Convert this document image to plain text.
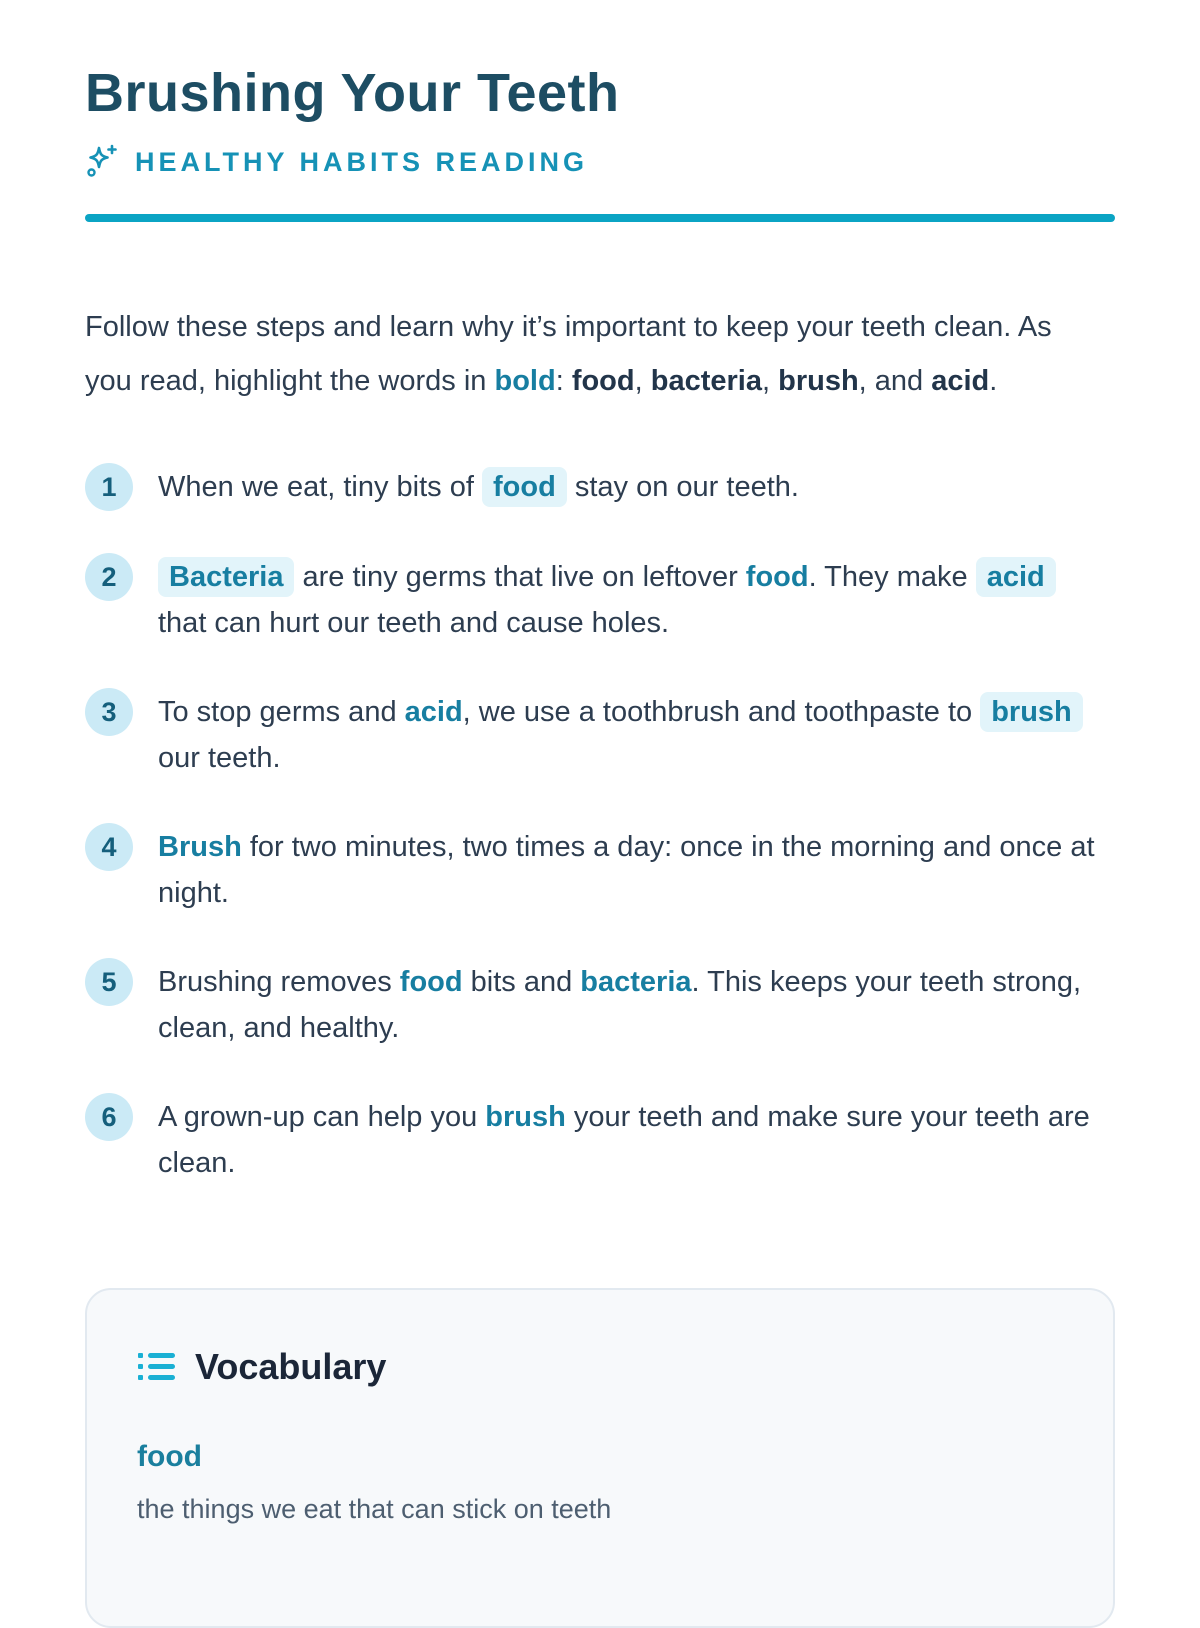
Brushing Your Teeth
HEALTHY HABITS READING

Follow these steps and learn why it’s important to keep your teeth clean. As you read, highlight the words in bold: food, bacteria, brush, and acid.

1	When we eat, tiny bits of food stay on our teeth.
2	Bacteria are tiny germs that live on leftover food. They make acid that can hurt our teeth and cause holes.
3	To stop germs and acid, we use a toothbrush and toothpaste to brush our teeth.
4	Brush for two minutes, two times a day: once in the morning and once at night.
5	Brushing removes food bits and bacteria. This keeps your teeth strong, clean, and healthy.
6	A grown-up can help you brush your teeth and make sure your teeth are clean.
Vocabulary
food
the things we eat that can stick on teeth
